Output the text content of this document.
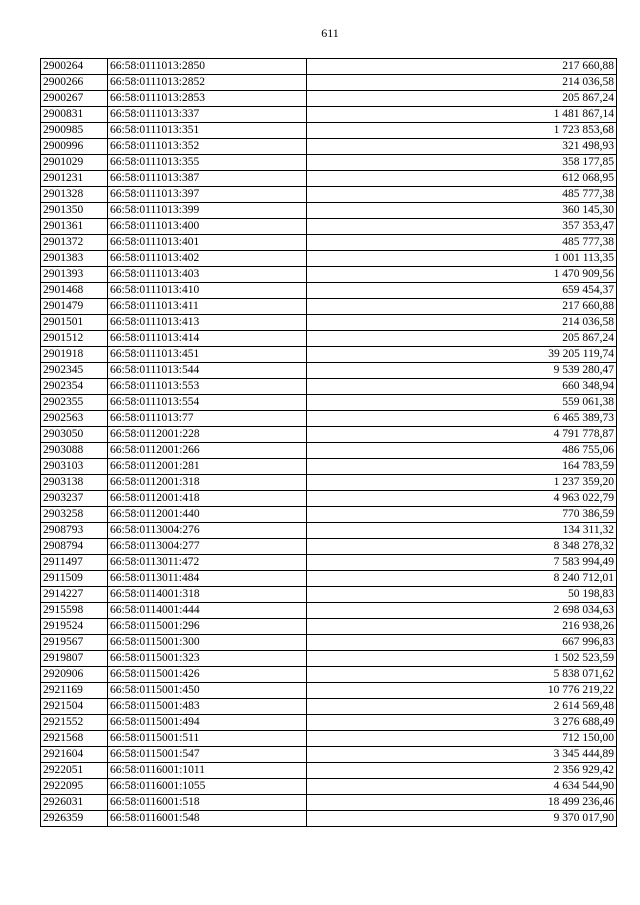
611
2900264	66:58:0111013:2850	217 660,88
2900266	66:58:0111013:2852	214 036,58
2900267	66:58:0111013:2853	205 867,24
2900831	66:58:0111013:337	1 481 867,14
2900985	66:58:0111013:351	1 723 853,68
2900996	66:58:0111013:352	321 498,93
2901029	66:58:0111013:355	358 177,85
2901231	66:58:0111013:387	612 068,95
2901328	66:58:0111013:397	485 777,38
2901350	66:58:0111013:399	360 145,30
2901361	66:58:0111013:400	357 353,47
2901372	66:58:0111013:401	485 777,38
2901383	66:58:0111013:402	1 001 113,35
2901393	66:58:0111013:403	1 470 909,56
2901468	66:58:0111013:410	659 454,37
2901479	66:58:0111013:411	217 660,88
2901501	66:58:0111013:413	214 036,58
2901512	66:58:0111013:414	205 867,24
2901918	66:58:0111013:451	39 205 119,74
2902345	66:58:0111013:544	9 539 280,47
2902354	66:58:0111013:553	660 348,94
2902355	66:58:0111013:554	559 061,38
2902563	66:58:0111013:77	6 465 389,73
2903050	66:58:0112001:228	4 791 778,87
2903088	66:58:0112001:266	486 755,06
2903103	66:58:0112001:281	164 783,59
2903138	66:58:0112001:318	1 237 359,20
2903237	66:58:0112001:418	4 963 022,79
2903258	66:58:0112001:440	770 386,59
2908793	66:58:0113004:276	134 311,32
2908794	66:58:0113004:277	8 348 278,32
2911497	66:58:0113011:472	7 583 994,49
2911509	66:58:0113011:484	8 240 712,01
2914227	66:58:0114001:318	50 198,83
2915598	66:58:0114001:444	2 698 034,63
2919524	66:58:0115001:296	216 938,26
2919567	66:58:0115001:300	667 996,83
2919807	66:58:0115001:323	1 502 523,59
2920906	66:58:0115001:426	5 838 071,62
2921169	66:58:0115001:450	10 776 219,22
2921504	66:58:0115001:483	2 614 569,48
2921552	66:58:0115001:494	3 276 688,49
2921568	66:58:0115001:511	712 150,00
2921604	66:58:0115001:547	3 345 444,89
2922051	66:58:0116001:1011	2 356 929,42
2922095	66:58:0116001:1055	4 634 544,90
2926031	66:58:0116001:518	18 499 236,46
2926359	66:58:0116001:548	9 370 017,90
